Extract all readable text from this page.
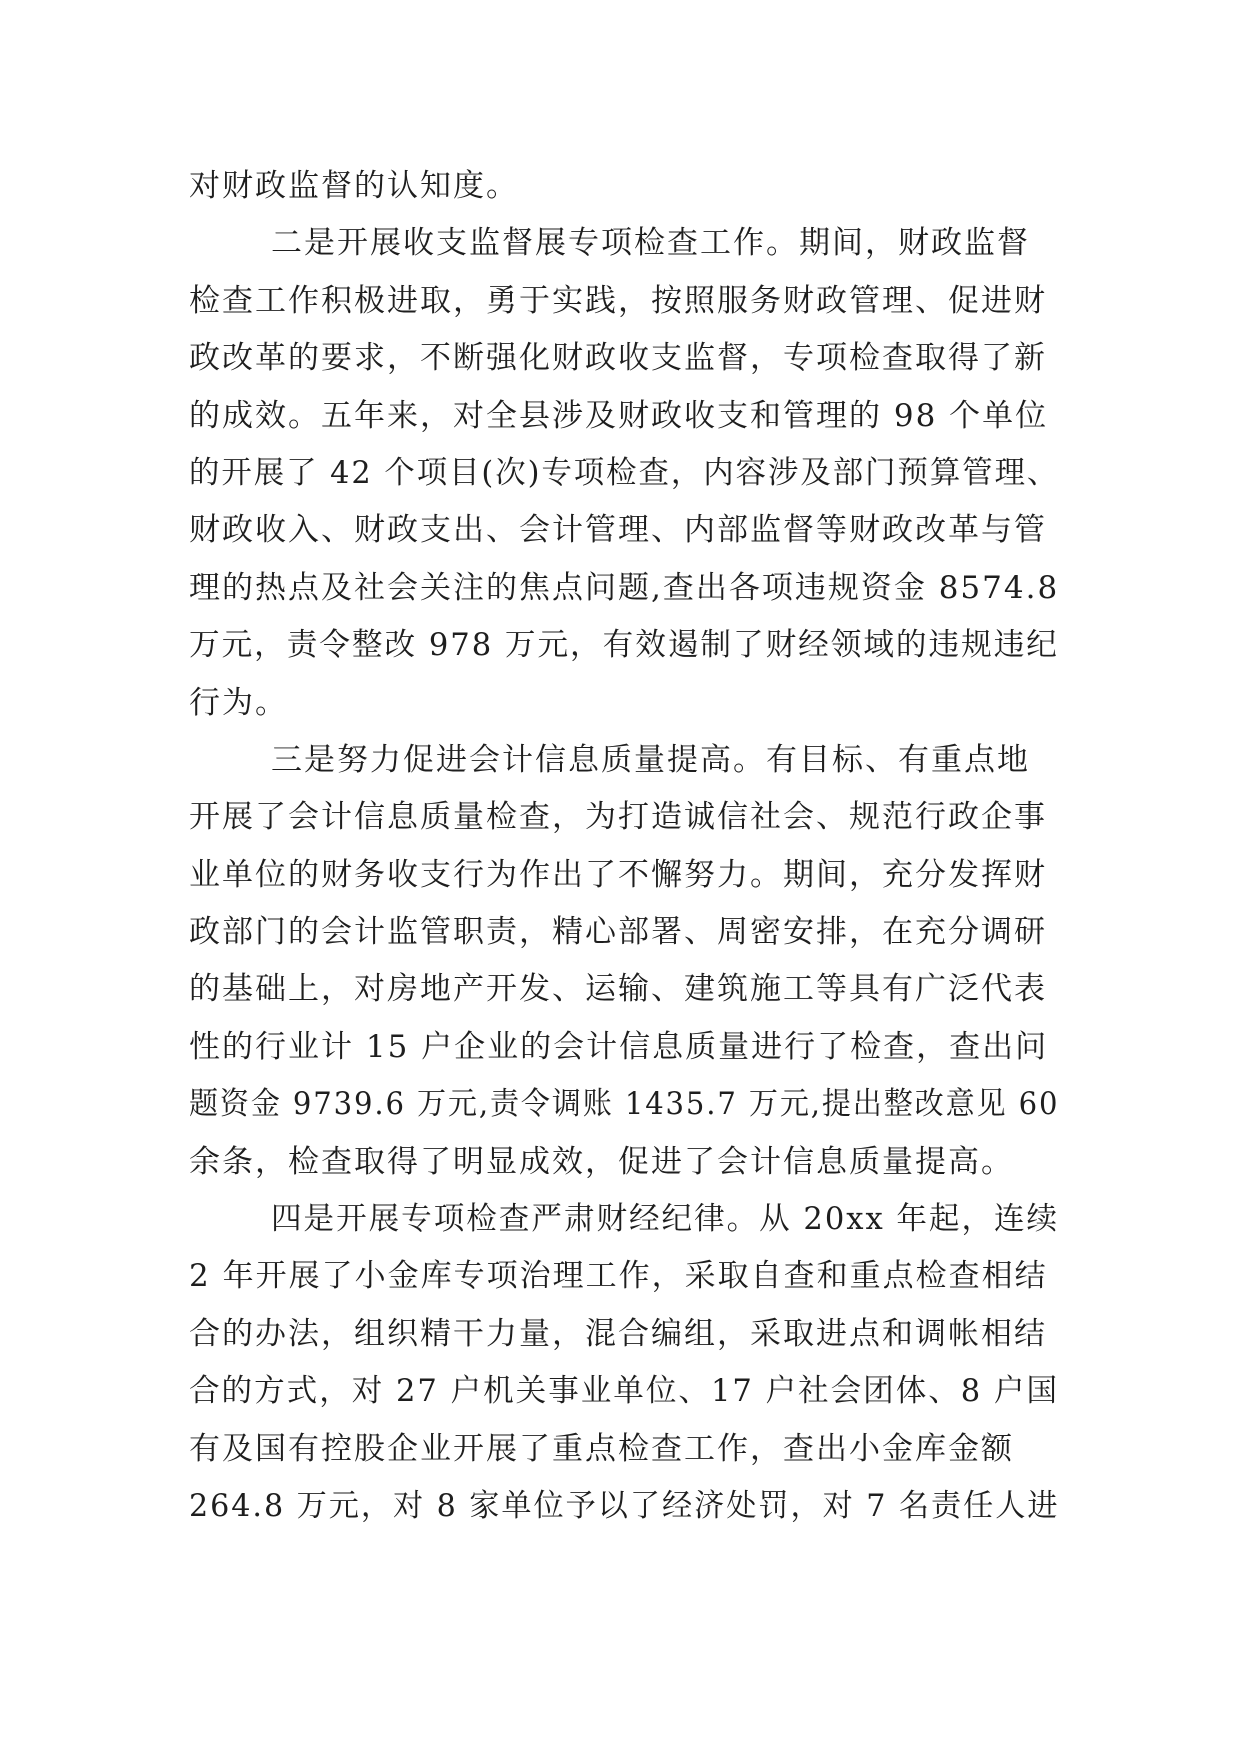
对财政监督的认知度。
二是开展收支监督展专项检查工作。期间，财政监督
检查工作积极进取，勇于实践，按照服务财政管理、促进财
政改革的要求，不断强化财政收支监督，专项检查取得了新
的成效。五年来，对全县涉及财政收支和管理的 98 个单位
的开展了 42 个项目(次)专项检查，内容涉及部门预算管理、
财政收入、财政支出、会计管理、内部监督等财政改革与管
理的热点及社会关注的焦点问题,查出各项违规资金 8574.8
万元，责令整改 978 万元，有效遏制了财经领域的违规违纪
行为。
三是努力促进会计信息质量提高。有目标、有重点地
开展了会计信息质量检查，为打造诚信社会、规范行政企事
业单位的财务收支行为作出了不懈努力。期间，充分发挥财
政部门的会计监管职责，精心部署、周密安排，在充分调研
的基础上，对房地产开发、运输、建筑施工等具有广泛代表
性的行业计 15 户企业的会计信息质量进行了检查，查出问
题资金 9739.6 万元,责令调账 1435.7 万元,提出整改意见 60
余条，检查取得了明显成效，促进了会计信息质量提高。
四是开展专项检查严肃财经纪律。从 20xx 年起，连续
2 年开展了小金库专项治理工作，采取自查和重点检查相结
合的办法，组织精干力量，混合编组，采取进点和调帐相结
合的方式，对 27 户机关事业单位、17 户社会团体、8 户国
有及国有控股企业开展了重点检查工作，查出小金库金额
264.8 万元，对 8 家单位予以了经济处罚，对 7 名责任人进
